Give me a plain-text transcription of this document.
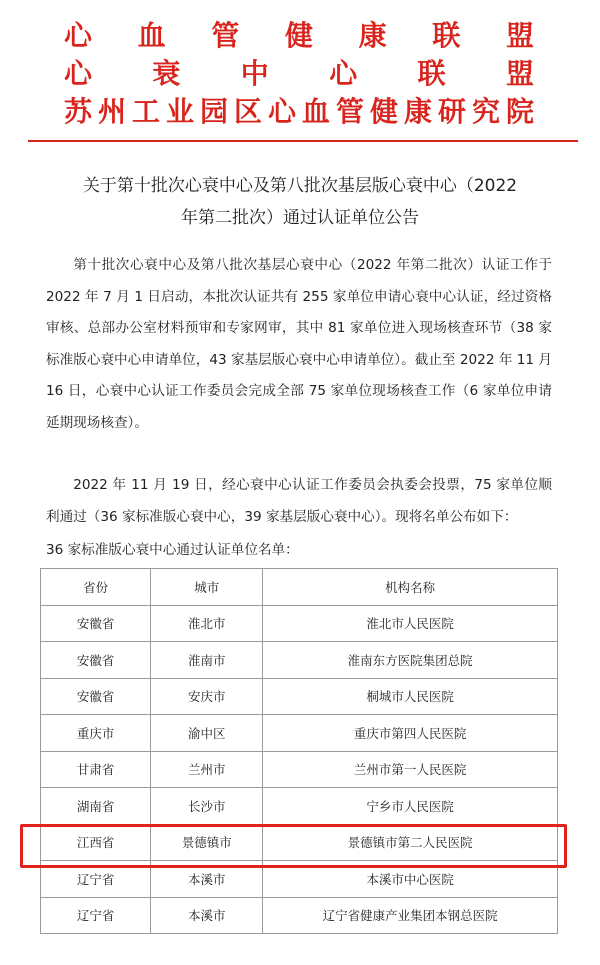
心血管健康联盟
心衰中心联盟
苏州工业园区心血管健康研究院
关于第十批次心衰中心及第八批次基层版心衰中心（2022
年第二批次）通过认证单位公告

第十批次心衰中心及第八批次基层心衰中心（2022 年第二批次）认证工作于 2022 年 7 月 1 日启动，本批次认证共有 255 家单位申请心衰中心认证，经过资格审核、总部办公室材料预审和专家网审，其中 81 家单位进入现场核查环节（38 家标准版心衰中心申请单位，43 家基层版心衰中心申请单位）。截止至 2022 年 11 月 16 日，心衰中心认证工作委员会完成全部 75 家单位现场核查工作（6 家单位申请延期现场核查）。

2022 年 11 月 19 日，经心衰中心认证工作委员会执委会投票，75 家单位顺利通过（36 家标准版心衰中心，39 家基层版心衰中心）。现将名单公布如下：

36 家标准版心衰中心通过认证单位名单：
省份	城市	机构名称
安徽省	淮北市	淮北市人民医院
安徽省	淮南市	淮南东方医院集团总院
安徽省	安庆市	桐城市人民医院
重庆市	渝中区	重庆市第四人民医院
甘肃省	兰州市	兰州市第一人民医院
湖南省	长沙市	宁乡市人民医院
江西省	景德镇市	景德镇市第二人民医院
辽宁省	本溪市	本溪市中心医院
辽宁省	本溪市	辽宁省健康产业集团本钢总医院
